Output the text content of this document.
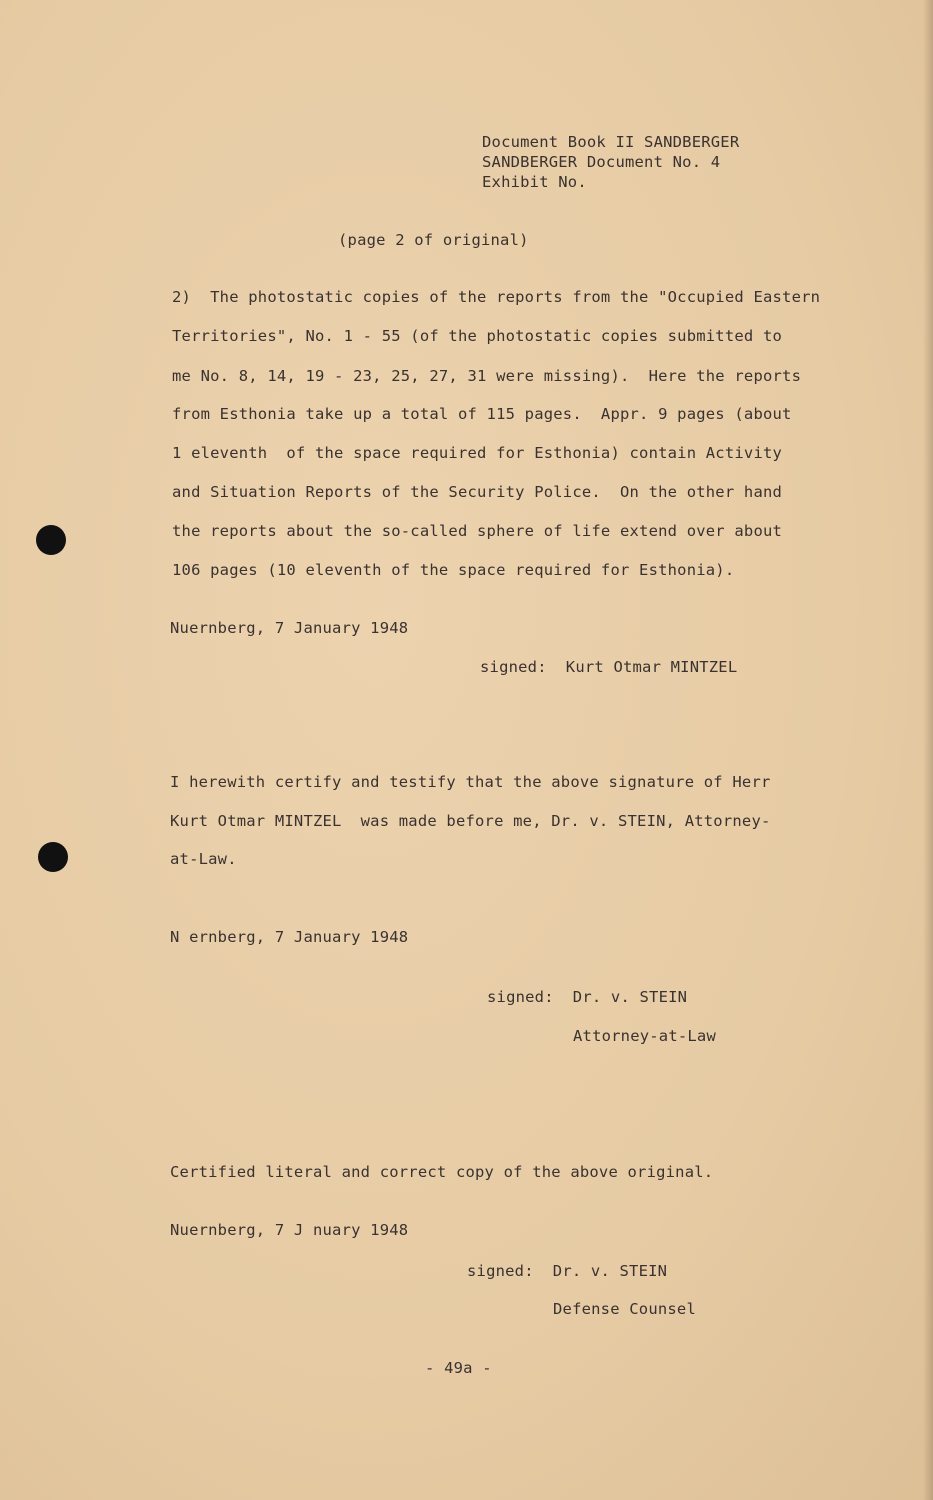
Document Book II SANDBERGER
SANDBERGER Document No. 4
Exhibit No.
(page 2 of original)
2)  The photostatic copies of the reports from the "Occupied Eastern
Territories", No. 1 - 55 (of the photostatic copies submitted to
me No. 8, 14, 19 - 23, 25, 27, 31 were missing).  Here the reports
from Esthonia take up a total of 115 pages.  Appr. 9 pages (about
1 eleventh  of the space required for Esthonia) contain Activity
and Situation Reports of the Security Police.  On the other hand
the reports about the so-called sphere of life extend over about
106 pages (10 eleventh of the space required for Esthonia).
Nuernberg, 7 January 1948
signed:  Kurt Otmar MINTZEL
I herewith certify and testify that the above signature of Herr
Kurt Otmar MINTZEL  was made before me, Dr. v. STEIN, Attorney-
at-Law.
N ernberg, 7 January 1948
signed:  Dr. v. STEIN
Attorney-at-Law
Certified literal and correct copy of the above original.
Nuernberg, 7 J nuary 1948
signed:  Dr. v. STEIN
Defense Counsel
- 49a -
